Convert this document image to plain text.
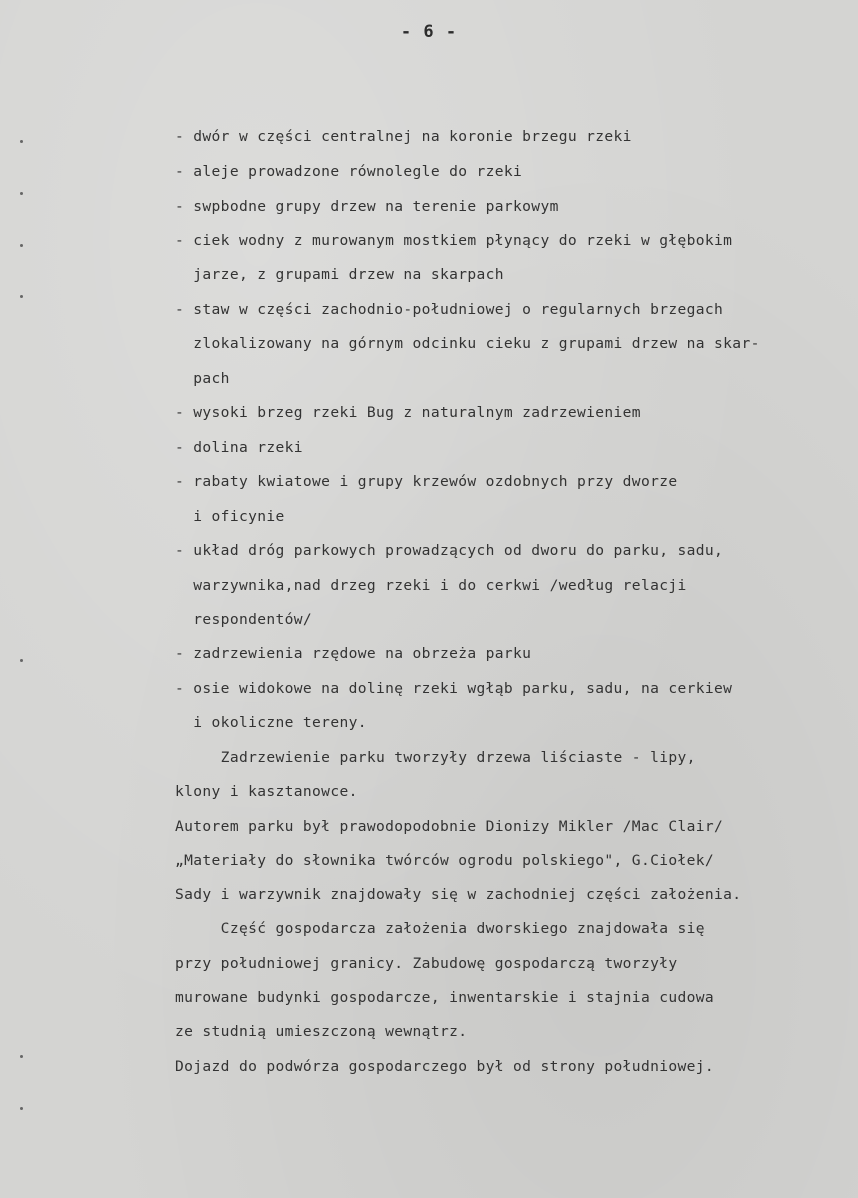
- 6 -
- dwór w części centralnej na koronie brzegu rzeki
- aleje prowadzone równolegle do rzeki
- swpbodne grupy drzew na terenie parkowym
- ciek wodny z murowanym mostkiem płynący do rzeki w głębokim
jarze, z grupami drzew na skarpach
- staw w części zachodnio-południowej o regularnych brzegach
zlokalizowany na górnym odcinku cieku z grupami drzew na skar-
pach
- wysoki brzeg rzeki Bug z naturalnym zadrzewieniem
- dolina rzeki
- rabaty kwiatowe i grupy krzewów ozdobnych przy dworze
i oficynie
- układ dróg parkowych prowadzących od dworu do parku, sadu,
warzywnika,nad drzeg rzeki i do cerkwi /według relacji
respondentów/
- zadrzewienia rzędowe na obrzeża parku
- osie widokowe na dolinę rzeki wgłąb parku, sadu, na cerkiew
i okoliczne tereny.
Zadrzewienie parku tworzyły drzewa liściaste - lipy,
klony i kasztanowce.
Autorem parku był prawodopodobnie Dionizy Mikler /Mac Clair/
„Materiały do słownika twórców ogrodu polskiego", G.Ciołek/
Sady i warzywnik znajdowały się w zachodniej części założenia.
Część gospodarcza założenia dworskiego znajdowała się
przy południowej granicy. Zabudowę gospodarczą tworzyły
murowane budynki gospodarcze, inwentarskie i stajnia cudowa
ze studnią umieszczoną wewnątrz.
Dojazd do podwórza gospodarczego był od strony południowej.
